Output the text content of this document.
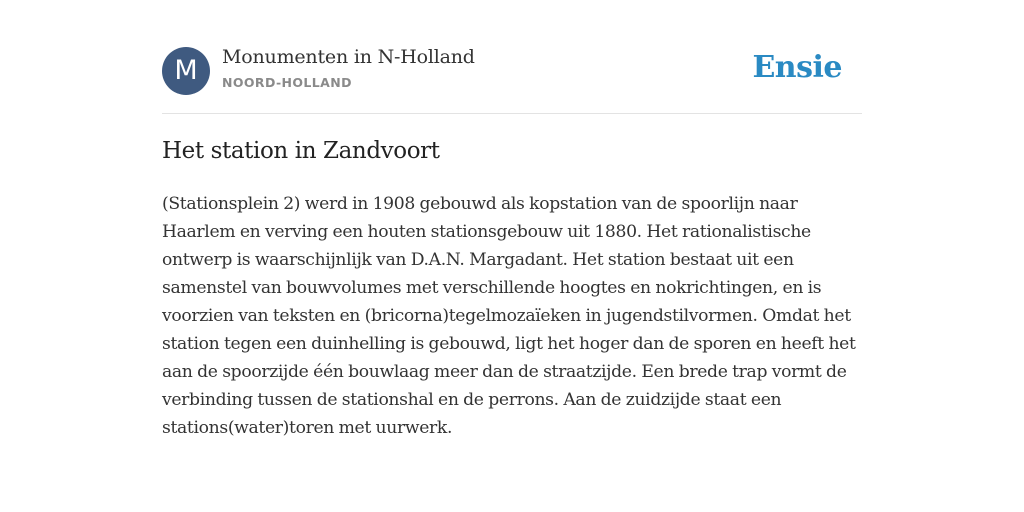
M	Monumenten in N-Holland
NOORD-HOLLAND	Ensie
Het station in Zandvoort
(Stationsplein 2) werd in 1908 gebouwd als kopstation van de spoorlijn naar Haarlem en verving een houten stationsgebouw uit 1880. Het rationalistische ontwerp is waarschijnlijk van D.A.N. Margadant. Het station bestaat uit een samenstel van bouwvolumes met verschillende hoogtes en nokrichtingen, en is voorzien van teksten en (bricorna)tegelmozaïeken in jugendstilvormen. Omdat het station tegen een duinhelling is gebouwd, ligt het hoger dan de sporen en heeft het aan de spoorzijde één bouwlaag meer dan de straatzijde. Een brede trap vormt de verbinding tussen de stationshal en de perrons. Aan de zuidzijde staat een stations(water)toren met uurwerk.
